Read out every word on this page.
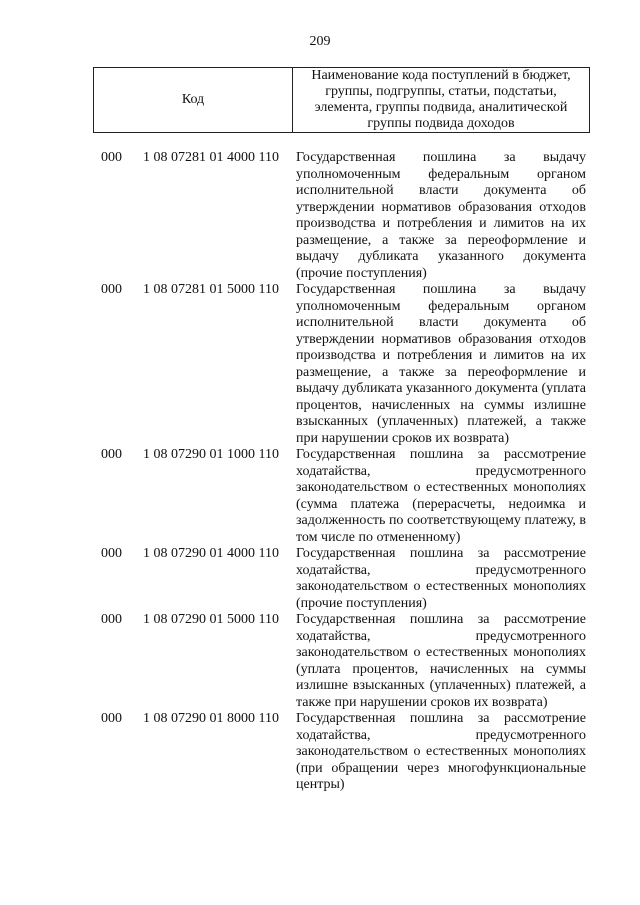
209
Код
Наименование кода поступлений в бюджет, группы, подгруппы, статьи, подстатьи, элемента, группы подвида, аналитической группы подвида доходов
000 1 08 07281 01 4000 110 Государственная пошлина за выдачу уполномоченным федеральным органом исполнительной власти документа об утверждении нормативов образования отходов производства и потребления и лимитов на их размещение, а также за переоформление и выдачу дубликата указанного документа (прочие поступления)
000 1 08 07281 01 5000 110 Государственная пошлина за выдачу уполномоченным федеральным органом исполнительной власти документа об утверждении нормативов образования отходов производства и потребления и лимитов на их размещение, а также за переоформление и выдачу дубликата указанного документа (уплата процентов, начисленных на суммы излишне взысканных (уплаченных) платежей, а также при нарушении сроков их возврата)
000 1 08 07290 01 1000 110 Государственная пошлина за рассмотрение ходатайства, предусмотренного законодательством о естественных монополиях (сумма платежа (перерасчеты, недоимка и задолженность по соответствующему платежу, в том числе по отмененному)
000 1 08 07290 01 4000 110 Государственная пошлина за рассмотрение ходатайства, предусмотренного законодательством о естественных монополиях (прочие поступления)
000 1 08 07290 01 5000 110 Государственная пошлина за рассмотрение ходатайства, предусмотренного законодательством о естественных монополиях (уплата процентов, начисленных на суммы излишне взысканных (уплаченных) платежей, а также при нарушении сроков их возврата)
000 1 08 07290 01 8000 110 Государственная пошлина за рассмотрение ходатайства, предусмотренного законодательством о естественных монополиях (при обращении через многофункциональные центры)
